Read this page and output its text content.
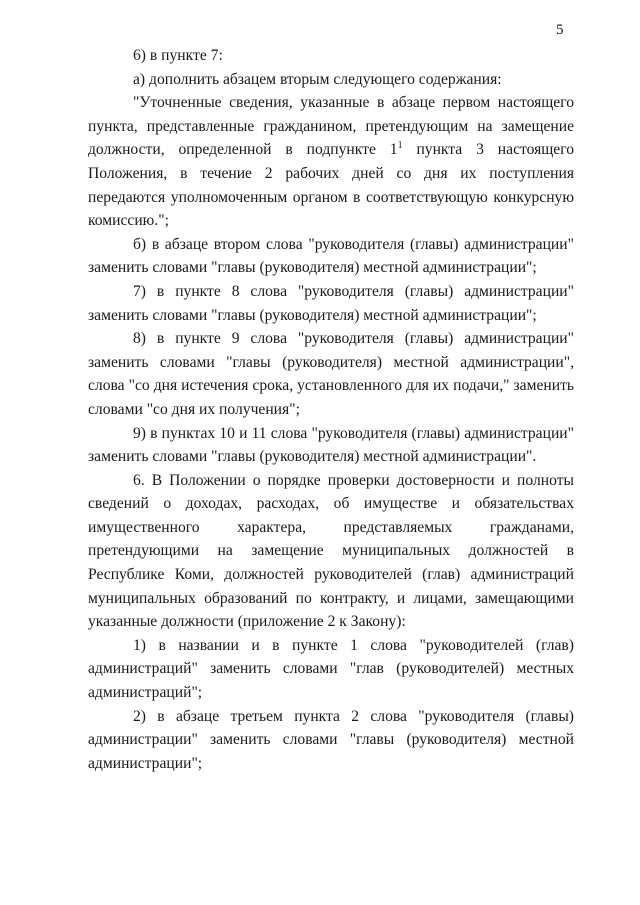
5

6) в пункте 7:

а) дополнить абзацем вторым следующего содержания:

"Уточненные сведения, указанные в абзаце первом настоящего пункта, представленные гражданином, претендующим на замещение должности, определенной в подпункте $1^1$ пункта 3 настоящего Положения, в течение 2 рабочих дней со дня их поступления передаются уполномоченным органом в соответствующую конкурсную комиссию.";

б) в абзаце втором слова "руководителя (главы) администрации" заменить словами "главы (руководителя) местной администрации";

7) в пункте 8 слова "руководителя (главы) администрации" заменить словами "главы (руководителя) местной администрации";

8) в пункте 9 слова "руководителя (главы) администрации" заменить словами "главы (руководителя) местной администрации", слова "со дня истечения срока, установленного для их подачи," заменить словами "со дня их получения";

9) в пунктах 10 и 11 слова "руководителя (главы) администрации" заменить словами "главы (руководителя) местной администрации".

6. В Положении о порядке проверки достоверности и полноты сведений о доходах, расходах, об имуществе и обязательствах имущественного характера, представляемых гражданами, претендующими на замещение муниципальных должностей в Республике Коми, должностей руководителей (глав) администраций муниципальных образований по контракту, и лицами, замещающими указанные должности (приложение 2 к Закону):

1) в названии и в пункте 1 слова "руководителей (глав) администраций" заменить словами "глав (руководителей) местных администраций";

2) в абзаце третьем пункта 2 слова "руководителя (главы) администрации" заменить словами "главы (руководителя) местной администрации";
